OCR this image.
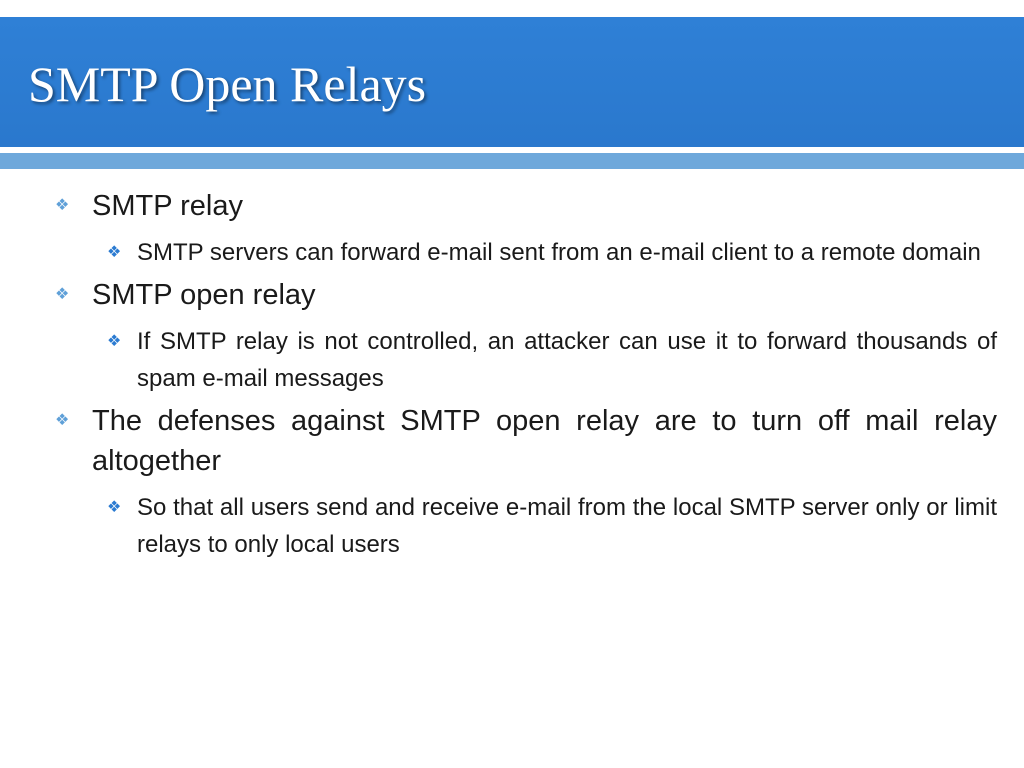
SMTP Open Relays
❖ SMTP relay
❖ SMTP servers can forward e-mail sent from an e-mail client to a remote domain
❖ SMTP open relay
❖ If SMTP relay is not controlled, an attacker can use it to forward thousands of spam e-mail messages
❖ The defenses against SMTP open relay are to turn off mail relay altogether
❖ So that all users send and receive e-mail from the local SMTP server only or limit relays to only local users
